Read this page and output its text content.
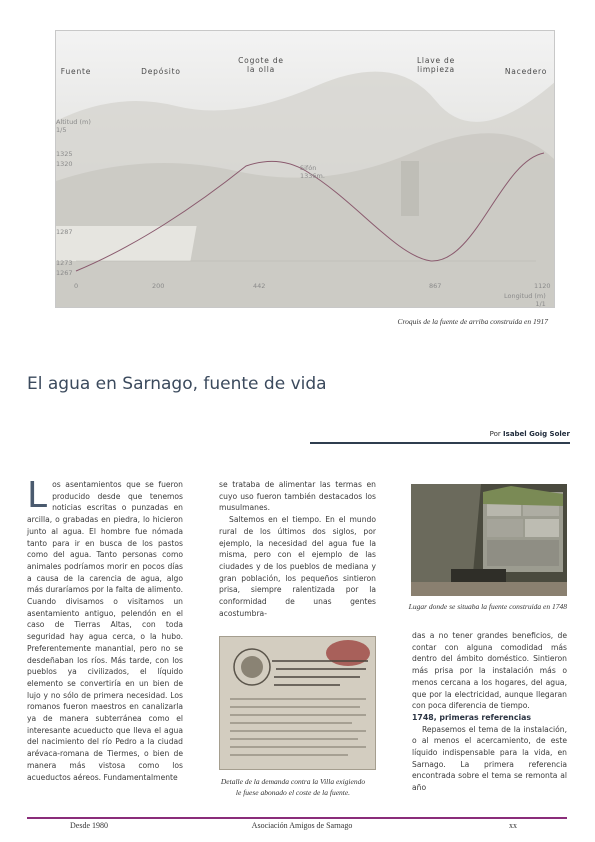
Fuente	Depósito
Cogote de
la olla
Llave de
limpieza	Nacedero
Altitud (m)
1/5
1325
1320
1287
1273
1267
Sifón
1336m.
0	200	442	867	1120
Longitud (m)
1/1
Croquis de la fuente de arriba construida en 1917
El agua en Sarnago, fuente de vida
Por Isabel Goig Soler
L os asentamientos que se fueron producido desde que tenemos noticias escritas o punzadas en arcilla, o grabadas en piedra, lo hicieron junto al agua. El hombre fue nómada tanto para ir en busca de los pastos como del agua. Tanto personas como animales podríamos morir en pocos días a causa de la carencia de agua, algo más duraríamos por la falta de alimento. Cuando divisamos o visitamos un asentamiento antiguo, pelendón en el caso de Tierras Altas, con toda seguridad hay agua cerca, o la hubo. Preferentemente manantial, pero no se desdeñaban los ríos. Más tarde, con los pueblos ya civilizados, el líquido elemento se convertiría en un bien de lujo y no sólo de primera necesidad. Los romanos fueron maestros en canalizarla ya de manera subterránea como el interesante acueducto que lleva el agua del nacimiento del río Pedro a la ciudad arévaca-romana de Tiermes, o bien de manera más vistosa como los acueductos aéreos. Fundamentalmente

se trataba de alimentar las termas en cuyo uso fueron también destacados los musulmanes.

Saltemos en el tiempo. En el mundo rural de los últimos dos siglos, por ejemplo, la necesidad del agua fue la misma, pero con el ejemplo de las ciudades y de los pueblos de mediana y gran población, los pequeños sintieron prisa, siempre ralentizada por la conformidad de unas gentes acostumbra-

Lugar donde se situaba la fuente construida en 1748
Detalle de la demanda contra la Villa exigiendo le fuese abonado el coste de la fuente.

das a no tener grandes beneficios, de contar con alguna comodidad más dentro del ámbito doméstico. Sintieron más prisa por la instalación más o menos cercana a los hogares, del agua, que por la electricidad, aunque llegaran con poca diferencia de tiempo.

1748, primeras referencias

Repasemos el tema de la instalación, o al menos el acercamiento, de este líquido indispensable para la vida, en Sarnago. La primera referencia encontrada sobre el tema se remonta al año

Desde 1980	Asociación Amigos de Sarnago	xx
